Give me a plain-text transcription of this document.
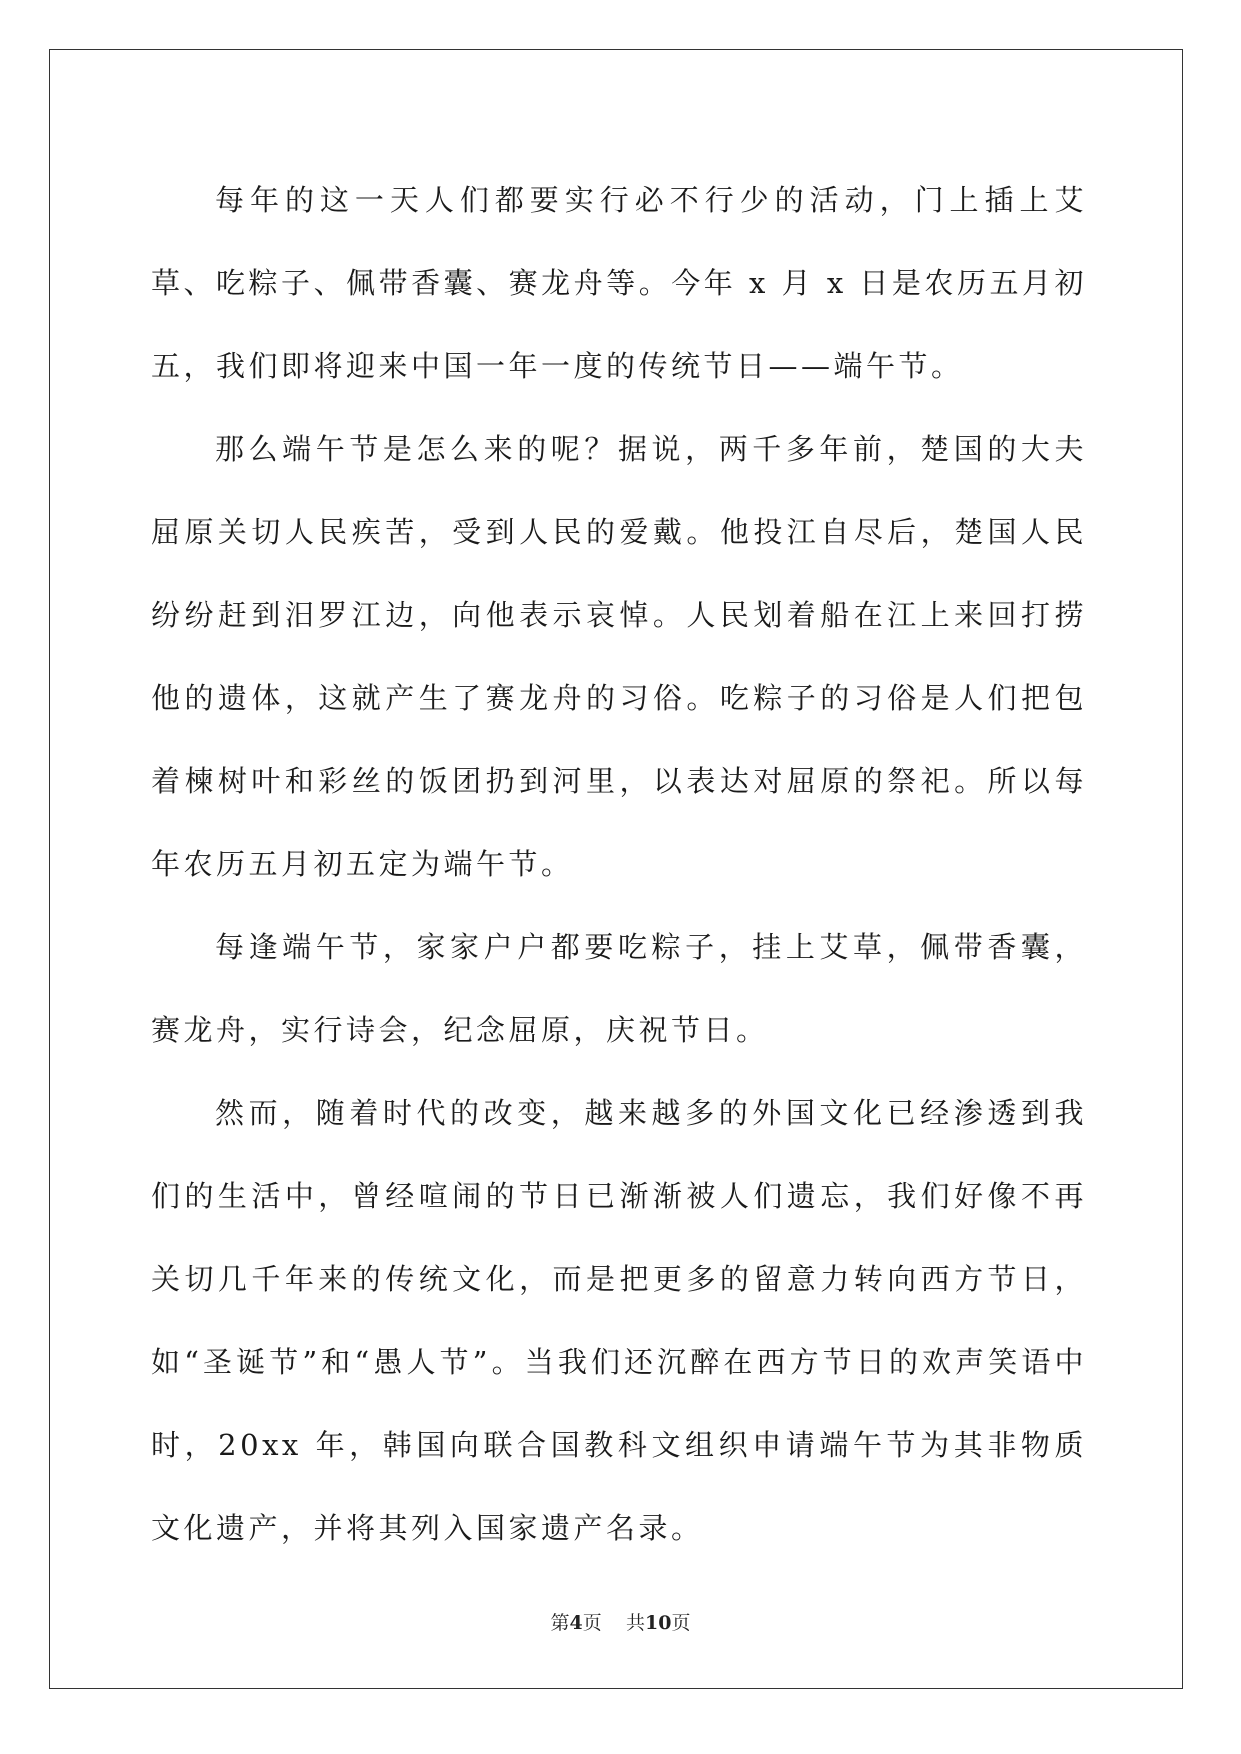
每年的这一天人们都要实行必不行少的活动，门上插上艾草、吃粽子、佩带香囊、赛龙舟等。今年 x 月 x 日是农历五月初五，我们即将迎来中国一年一度的传统节日——端午节。

那么端午节是怎么来的呢？据说，两千多年前，楚国的大夫屈原关切人民疾苦，受到人民的爱戴。他投江自尽后，楚国人民纷纷赶到汨罗江边，向他表示哀悼。人民划着船在江上来回打捞他的遗体，这就产生了赛龙舟的习俗。吃粽子的习俗是人们把包着楝树叶和彩丝的饭团扔到河里，以表达对屈原的祭祀。所以每年农历五月初五定为端午节。

每逢端午节，家家户户都要吃粽子，挂上艾草，佩带香囊，赛龙舟，实行诗会，纪念屈原，庆祝节日。

然而，随着时代的改变，越来越多的外国文化已经渗透到我们的生活中，曾经喧闹的节日已渐渐被人们遗忘，我们好像不再关切几千年来的传统文化，而是把更多的留意力转向西方节日，如“圣诞节”和“愚人节”。当我们还沉醉在西方节日的欢声笑语中时，20xx 年，韩国向联合国教科文组织申请端午节为其非物质文化遗产，并将其列入国家遗产名录。

第4页 共10页
